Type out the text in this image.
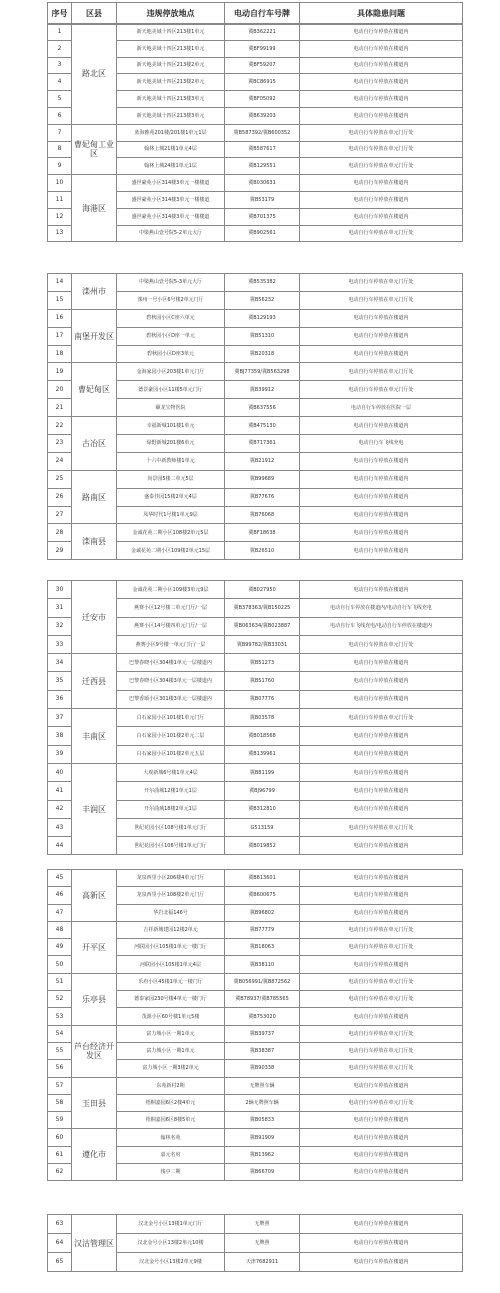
序号	区县	违规停放地点	电动自行车号牌	具体隐患问题
1	路北区	新天地美域十四区213楼1单元	冀B362221	电动自行车停放在楼道内
2		新天地美域十四区213楼1单元	冀BF99199	电动自行车停放在楼道内
3		新天地美域十四区213楼2单元	冀BF59207	电动自行车停放在楼道内
4		新天地美域十四区213楼2单元	冀BC86915	电动自行车停放在楼道内
5		新天地美域十四区213楼3单元	冀BF05092	电动自行车停放在楼道内
6		新天地美域十四区213楼3单元	冀B639203	电动自行车停放在楼道内
7	曹妃甸工业区	蓝海雅苑201楼/201楼1单元1层	冀B587392/冀B600352	电动自行车停放在单元门厅处
8		翰林上城21楼1单元4层	冀B587617	电动自行车停放在单元门厅处
9		翰林上城24楼1单元1层	冀B129551	电动自行车停放在单元门厅处
10	海港区	盛世豪苑小区314楼3单元一楼楼道	冀B030631	电动自行车停放在楼道内
11		盛世豪苑小区314楼3单元一楼楼道	冀B53179	电动自行车停放在楼道内
12		盛世豪苑小区314楼3单元一楼楼道	冀B701375	电动自行车停放在楼道内
13		中梁燕山壹号院5-2单元大厅	冀B902561	电动自行车停放在单元门厅处
14	滦州市	中梁燕山壹号院5-3单元大厅	冀B535382	电动自行车停放在单元门厅处
15		滦州一号小区6号楼2单元门厅	冀B56232	电动自行车停放在单元门厅处
16	南堡开发区	碧秋园小区C座六单元	冀B129193	电动自行车停放在楼道内
17		碧秋园小区D座一单元	冀B51310	电动自行车停放在楼道内
18		碧秋园小区D座3单元	冀B20318	电动自行车停放在楼道内
19	曹妃甸区	金海家园小区203楼1单元门厅	冀BJ77359/冀B563298	电动自行车停放在单元门厅处
20		德景豪园小区11楼5单元门厅	冀B39912	电动自行车停放在单元门厅处
21		颐龙宝物医院	冀B637556	电动自行车停放在医院一层
22	古冶区	幸福新城101楼1单元	冀B475130	电动自行车停放在楼道内
23		绿野新城201楼6单元	冀B717361	电动自行车飞线充电
24		十六中新教师楼1单元	冀B21912	电动自行车停放在楼道内
25	路南区	尚景园5楼二单元5层	冀B99689	电动自行车停放在楼道内
26		盛泰佳园15楼2单元4层	冀B77676	电动自行车停放在楼道内
27		凤华时代1号楼1单元9层	冀B76068	电动自行车停放在楼道内
28	滦南县	金诚花苑二期小区108楼2单元5层	冀BF18638	电动自行车停放在楼道内
29		金诚花苑二期小区109楼2单元15层	冀B26510	电动自行车停放在楼道内
30	迁安市	金诚花苑二期小区109楼3单元9层	冀B027950	电动自行车停放在楼道内
31		燕赛小区12号楼二单元门厅/一层	冀B378363/冀B150225	电动自行车停放在楼道内/电动自行车飞线充电
32		燕赛小区14号楼四单元门厅/一层	冀B063634/冀B023887	电动自行车飞线充电/电动自行车停放在楼道内
33		燕赛小区9号楼一单元门厅/一层	冀B99782/冀B33031	电动自行车停放在单元门厅处
34	迁西县	巴黎春晓小区304楼1单元一层楼道内	冀B51273	电动自行车停放在楼道内
35		巴黎春晓小区304楼3单元一层楼道内	冀B51760	电动自行车停放在楼道内
36		巴黎香颂小区301楼3单元一层楼道内	冀B07776	电动自行车停放在楼道内
37	丰南区	白石家园小区101楼1单元门厅	冀B03578	电动自行车停放在单元门厅处
38		白石家园小区101楼2单元二层	冀B018568	电动自行车停放在楼道内
39		白石家园小区101楼2单元五层	冀B139961	电动自行车停放在楼道内
40	丰润区	大观新城6号楼1单元4层	冀B81199	电动自行车停放在楼道内
41		开尔曲城12楼1单元1层	冀BJ96799	电动自行车停放在楼道内
42		开尔曲城18楼2单元1层	冀B312810	电动自行车停放在楼道内
43		世纪花园小区108号楼1单元门厅	G513159	电动自行车停放在单元门厅处
44		世纪花园小区106号楼1单元门厅	冀B019852	电动自行车停放在楼道内
45	高新区	龙泉西里小区206楼4单元门厅	冀B813601	电动自行车停放在楼道内
46		龙泉西里小区108楼2单元门厅	冀B600675	电动自行车停放在楼道内
47		华岩北福146号	冀B96802	电动自行车停放在楼道内
48	开平区	吉祥新城建园12楼2单元	冀B77779	电动自行车停放在单元门厅处
49		河联园小区105楼1单元一楼门厅	冀B18063	电动自行车停放在单元门厅处
50		河联园小区105楼1单元4层	冀B38110	电动自行车停放在楼道内
51	乐亭县	乐府小区45楼1单元一楼门厅	冀B056991/冀B872562	电动自行车停放在单元门厅处
52		德泰家园230号楼4单元一楼门厅	冀B78937/冀B785565	电动自行车停放在单元门厅处
53		茂源小区60号楼1单元5楼	冀B753020	电动自行车停放在楼道内
54	芦台经济开发区	富力城小区一期1单元	冀B39737	电动自行车停放在单元门厅处
55		富力城小区一期1单元	冀B38387	电动自行车停放在单元门厅处
56		富力城小区一期3楼2单元	冀B90338	电动自行车停放在单元门厅处
57	玉田县	东苑新村2期	无牌照车辆	电动自行车停放在楼道内
58		梧桐嘉园6区2楼4单元	2辆无牌照车辆	电动自行车停放在单元门厅处
59		梧桐嘉园6区8楼5单元	冀B05833	电动自行车停放在楼道内
60	遵化市	翰林名苑	冀B91909	电动自行车停放在楼道内
61		嘉元名府	冀B13962	电动自行车停放在楼道内
62		栈亭二期	冀B66709	电动自行车停放在楼道内
63	汉沽管理区	汉北金号小区13楼1单元门厅	无牌照	电动自行车停放在楼道内
64		汉北金号小区13楼2单元10楼	无牌照	电动自行车停放在楼道内
65		汉北金号小区13楼2单元9楼	天津7682911	电动自行车停放在楼道内
